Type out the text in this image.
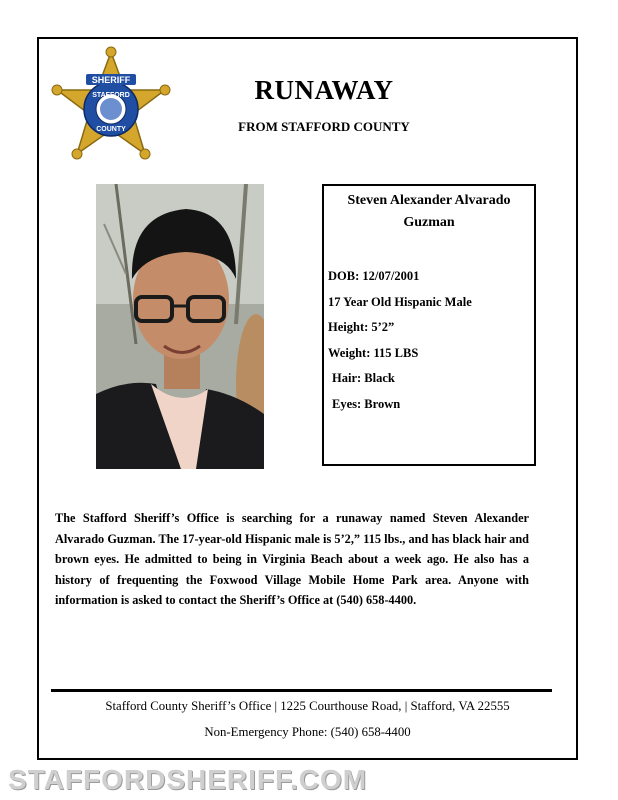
SHERIFF
STAFFORD
COUNTY
RUNAWAY
FROM STAFFORD COUNTY
Steven Alexander Alvarado Guzman
DOB: 12/07/2001
17 Year Old Hispanic Male
Height: 5’2”
Weight: 115 LBS
Hair: Black
Eyes: Brown
The Stafford Sheriff’s Office is searching for a runaway named Steven Alexander Alvarado Guzman. The 17-year-old Hispanic male is 5’2,” 115 lbs., and has black hair and brown eyes. He admitted to being in Virginia Beach about a week ago. He also has a history of frequenting the Foxwood Village Mobile Home Park area. Anyone with information is asked to contact the Sheriff’s Office at (540) 658-4400.
Stafford County Sheriff’s Office | 1225 Courthouse Road, | Stafford, VA 22555
Non-Emergency Phone: (540) 658-4400
STAFFORDSHERIFF.COM
